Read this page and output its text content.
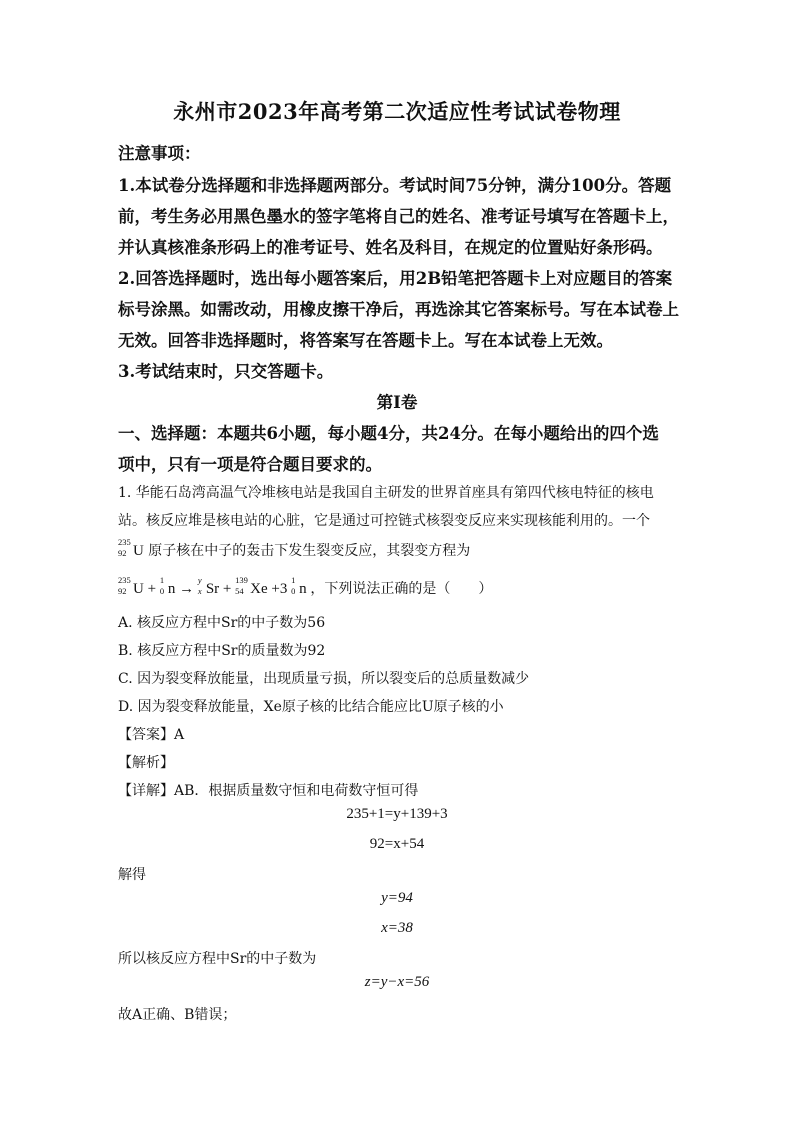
永州市2023年高考第二次适应性考试试卷物理
注意事项：
1.本试卷分选择题和非选择题两部分。考试时间75分钟，满分100分。答题
前，考生务必用黑色墨水的签字笔将自己的姓名、准考证号填写在答题卡上，
并认真核准条形码上的准考证号、姓名及科目，在规定的位置贴好条形码。
2.回答选择题时，选出每小题答案后，用2B铅笔把答题卡上对应题目的答案
标号涂黑。如需改动，用橡皮擦干净后，再选涂其它答案标号。写在本试卷上
无效。回答非选择题时，将答案写在答题卡上。写在本试卷上无效。
3.考试结束时，只交答题卡。
第Ⅰ卷
一、选择题：本题共6小题，每小题4分，共24分。在每小题给出的四个选
项中，只有一项是符合题目要求的。
1. 华能石岛湾高温气冷堆核电站是我国自主研发的世界首座具有第四代核电特征的核电
站。核反应堆是核电站的心脏，它是通过可控链式核裂变反应来实现核能利用的。一个
235
92 U 原子核在中子的轰击下发生裂变反应，其裂变方程为
235
92 U +
1
0 n →
y
x Sr +
139
54 Xe +3
1
0 n ，下列说法正确的是（　　）
A. 核反应方程中Sr的中子数为56
B. 核反应方程中Sr的质量数为92
C. 因为裂变释放能量，出现质量亏损，所以裂变后的总质量数减少
D. 因为裂变释放能量，Xe原子核的比结合能应比U原子核的小
【答案】A
【解析】
【详解】AB．根据质量数守恒和电荷数守恒可得
235+1=y+139+3
92=x+54
解得
y=94
x=38
所以核反应方程中Sr的中子数为
z=y−x=56
故A正确、B错误；
